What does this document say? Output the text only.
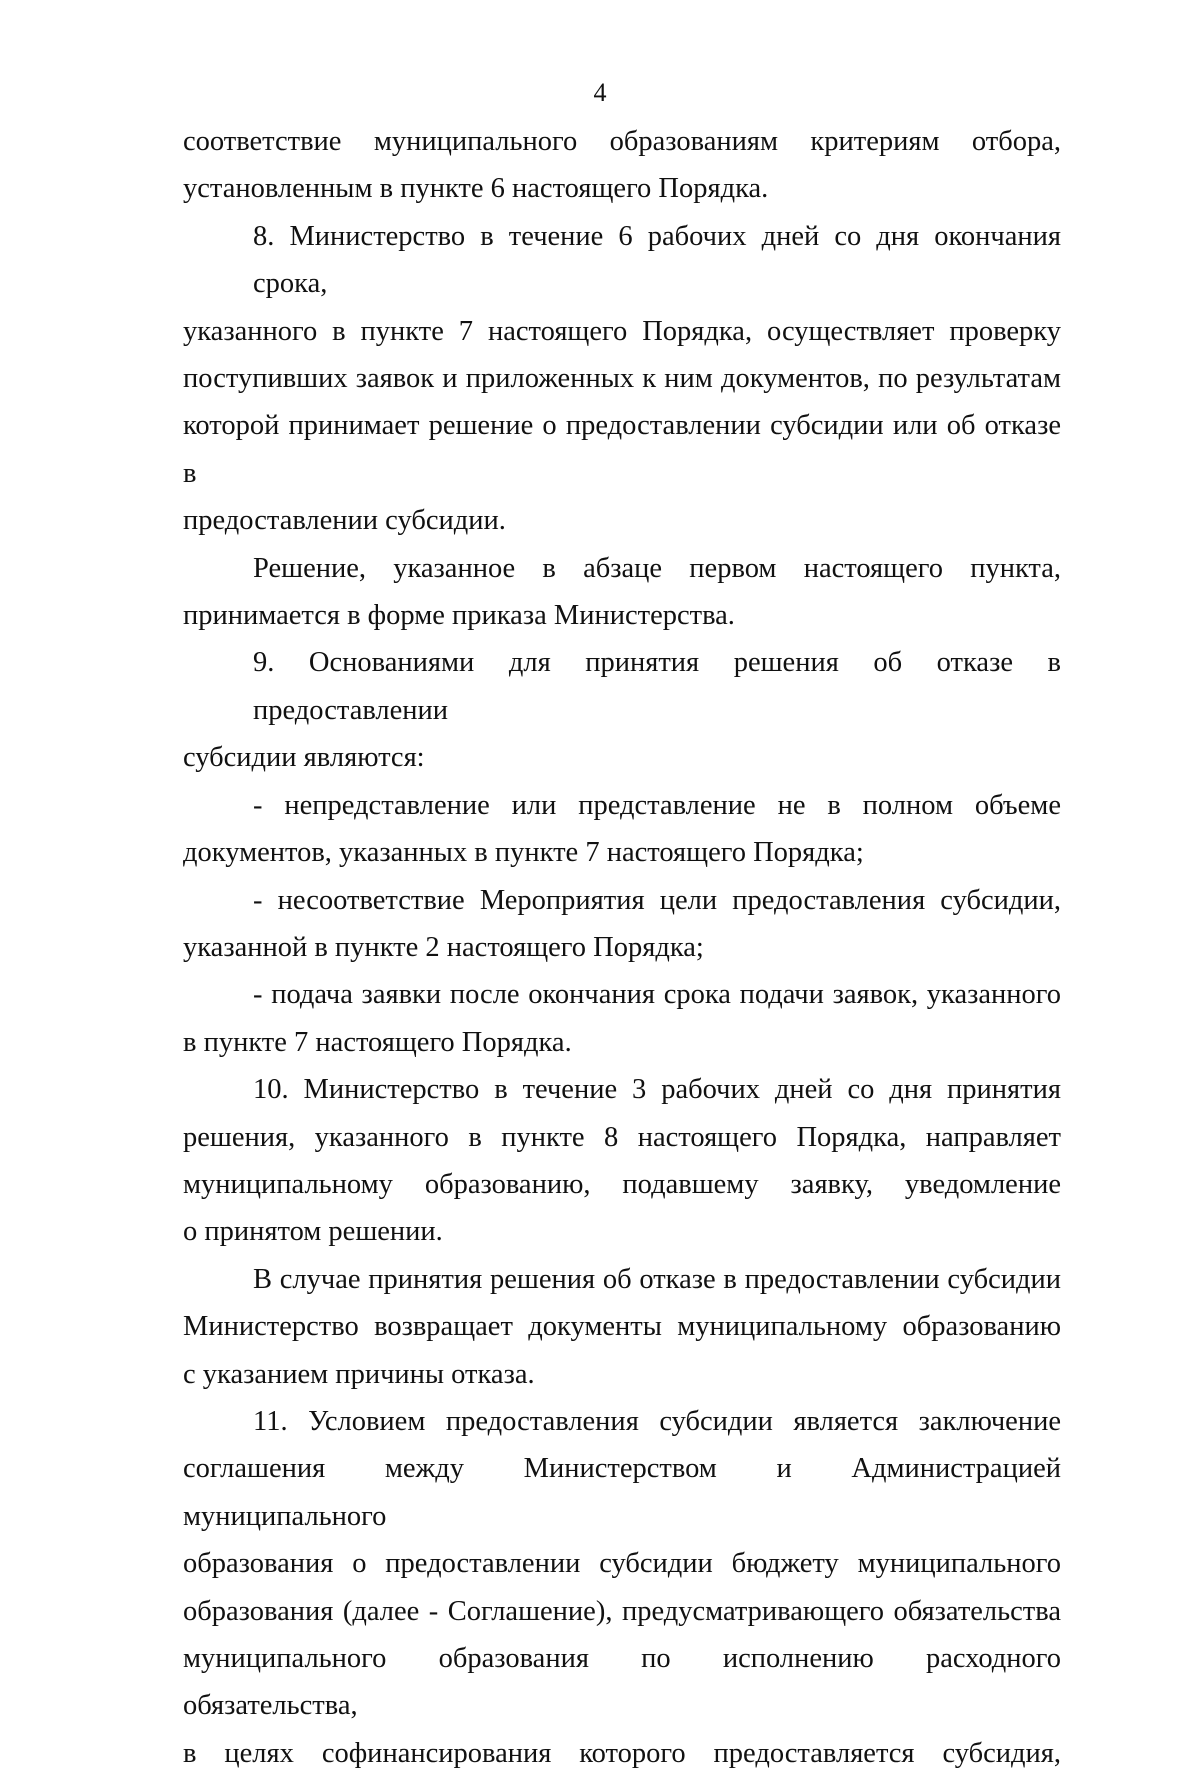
4
соответствие муниципального образованиям критериям отбора,
установленным в пункте 6 настоящего Порядка.
8. Министерство в течение 6 рабочих дней со дня окончания срока,
указанного в пункте 7 настоящего Порядка, осуществляет проверку
поступивших заявок и приложенных к ним документов, по результатам
которой принимает решение о предоставлении субсидии или об отказе в
предоставлении субсидии.
Решение, указанное в абзаце первом настоящего пункта,
принимается в форме приказа Министерства.
9. Основаниями для принятия решения об отказе в предоставлении
субсидии являются:
- непредставление или представление не в полном объеме
документов, указанных в пункте 7 настоящего Порядка;
- несоответствие Мероприятия цели предоставления субсидии,
указанной в пункте 2 настоящего Порядка;
- подача заявки после окончания срока подачи заявок, указанного
в пункте 7 настоящего Порядка.
10. Министерство в течение 3 рабочих дней со дня принятия
решения, указанного в пункте 8 настоящего Порядка, направляет
муниципальному образованию, подавшему заявку, уведомление
о принятом решении.
В случае принятия решения об отказе в предоставлении субсидии
Министерство возвращает документы муниципальному образованию
с указанием причины отказа.
11. Условием предоставления субсидии является заключение
соглашения между Министерством и Администрацией муниципального
образования о предоставлении субсидии бюджету муниципального
образования (далее - Соглашение), предусматривающего обязательства
муниципального образования по исполнению расходного обязательства,
в целях софинансирования которого предоставляется субсидия,
